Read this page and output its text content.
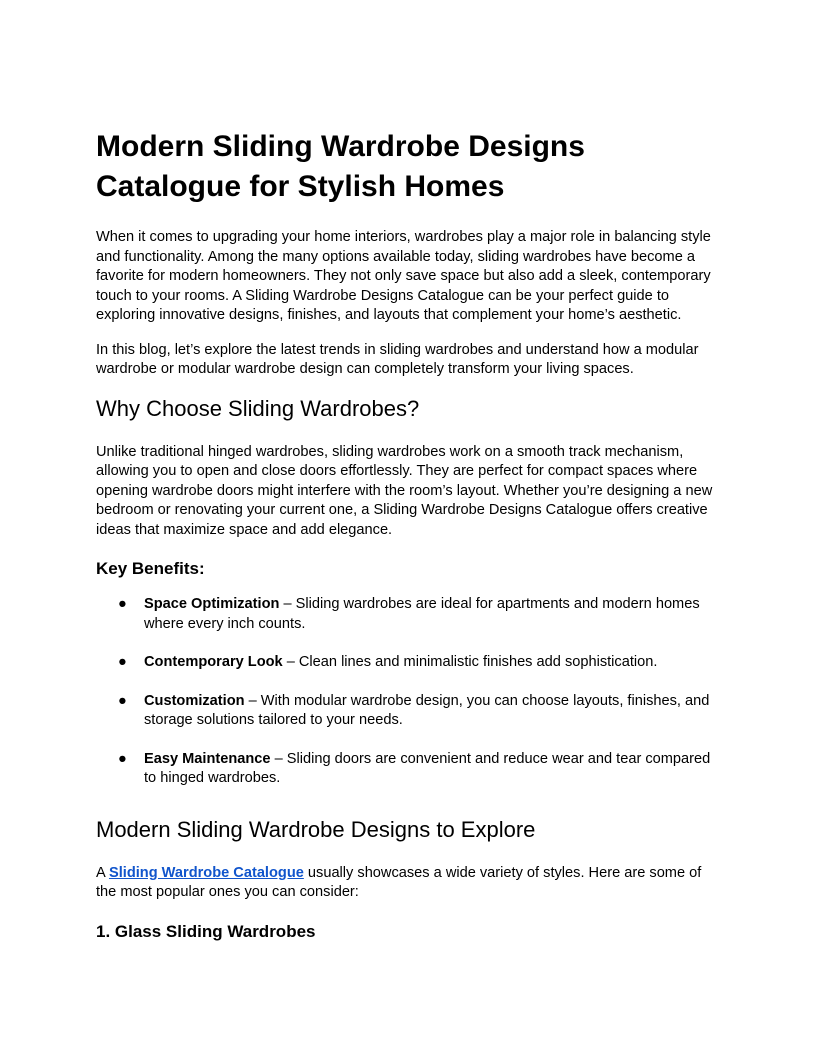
Modern Sliding Wardrobe Designs Catalogue for Stylish Homes

When it comes to upgrading your home interiors, wardrobes play a major role in balancing style and functionality. Among the many options available today, sliding wardrobes have become a favorite for modern homeowners. They not only save space but also add a sleek, contemporary touch to your rooms. A Sliding Wardrobe Designs Catalogue can be your perfect guide to exploring innovative designs, finishes, and layouts that complement your home’s aesthetic.

In this blog, let’s explore the latest trends in sliding wardrobes and understand how a modular wardrobe or modular wardrobe design can completely transform your living spaces.

Why Choose Sliding Wardrobes?

Unlike traditional hinged wardrobes, sliding wardrobes work on a smooth track mechanism, allowing you to open and close doors effortlessly. They are perfect for compact spaces where opening wardrobe doors might interfere with the room’s layout. Whether you’re designing a new bedroom or renovating your current one, a Sliding Wardrobe Designs Catalogue offers creative ideas that maximize space and add elegance.

Key Benefits:
● Space Optimization – Sliding wardrobes are ideal for apartments and modern homes where every inch counts.
● Contemporary Look – Clean lines and minimalistic finishes add sophistication.
● Customization – With modular wardrobe design, you can choose layouts, finishes, and storage solutions tailored to your needs.
● Easy Maintenance – Sliding doors are convenient and reduce wear and tear compared to hinged wardrobes.
Modern Sliding Wardrobe Designs to Explore

A Sliding Wardrobe Catalogue usually showcases a wide variety of styles. Here are some of the most popular ones you can consider:

1. Glass Sliding Wardrobes
